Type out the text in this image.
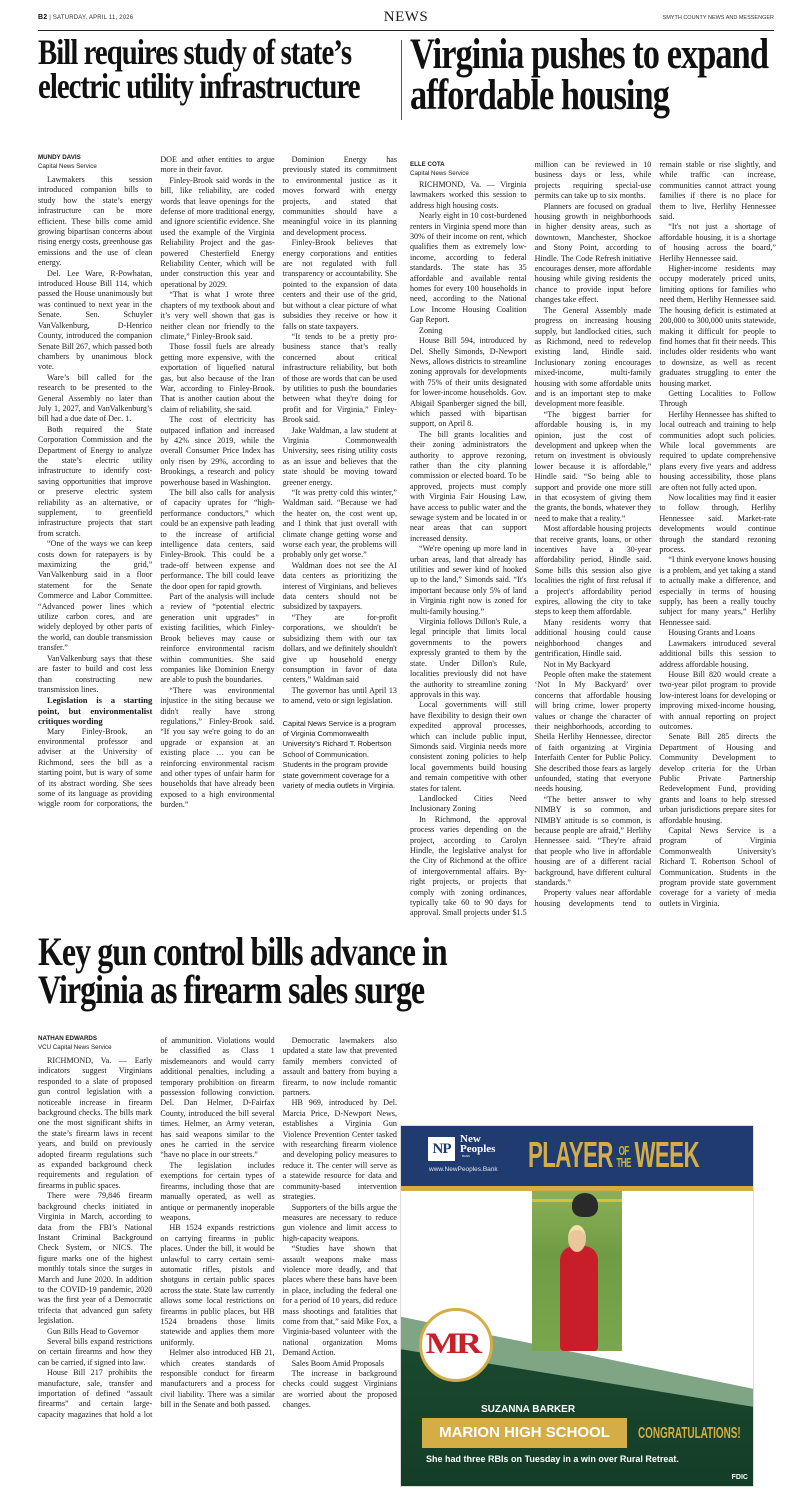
B2 | SATURDAY, APRIL 11, 2026	NEWS	SMYTH COUNTY NEWS AND MESSENGER
Bill requires study of state’s
electric utility infrastructure
MUNDY DAVIS
Capital News Service

Lawmakers this session introduced companion bills to study how the state’s energy infrastructure can be more efficient. These bills come amid growing bipartisan concerns about rising energy costs, greenhouse gas emissions and the use of clean energy.

Del. Lee Ware, R-Powhatan, introduced House Bill 114, which passed the House unanimously but was continued to next year in the Senate. Sen. Schuyler VanValkenburg, D-Henrico County, introduced the companion Senate Bill 267, which passed both chambers by unanimous block vote.

Ware’s bill called for the research to be presented to the General Assembly no later than July 1, 2027, and VanValkenburg’s bill had a due date of Dec. 1.

Both required the State Corporation Commission and the Department of Energy to analyze the state’s electric utility infrastructure to identify cost-saving opportunities that improve or preserve electric system reliability as an alternative, or supplement, to greenfield infrastructure projects that start from scratch.

“One of the ways we can keep costs down for ratepayers is by maximizing the grid,” VanValkenburg said in a floor statement for the Senate Commerce and Labor Committee. “Advanced power lines which utilize carbon cores, and are widely deployed by other parts of the world, can double transmission transfer.”

VanValkenburg says that these are faster to build and cost less than constructing new transmission lines.

Legislation is a starting point, but environmentalist critiques wording

Mary Finley-Brook, an environmental professor and adviser at the University of Richmond, sees the bill as a starting point, but is wary of some of its abstract wording. She sees some of its language as providing wiggle room for corporations, the DOE and other entities to argue more in their favor.

Finley-Brook said words in the bill, like reliability, are coded words that leave openings for the defense of more traditional energy, and ignore scientific evidence. She used the example of the Virginia Reliability Project and the gas-powered Chesterfield Energy Reliability Center, which will be under construction this year and operational by 2029.

“That is what I wrote three chapters of my textbook about and it’s very well shown that gas is neither clean nor friendly to the climate,” Finley-Brook said.

Those fossil fuels are already getting more expensive, with the exportation of liquefied natural gas, but also because of the Iran War, according to Finley-Brook. That is another caution about the claim of reliability, she said.

The cost of electricity has outpaced inflation and increased by 42% since 2019, while the overall Consumer Price Index has only risen by 29%, according to Brookings, a research and policy powerhouse based in Washington.

The bill also calls for analysis of capacity uprates for “high-performance conductors,” which could be an expensive path leading to the increase of artificial intelligence data centers, said Finley-Brook. This could be a trade-off between expense and performance. The bill could leave the door open for rapid growth.

Part of the analysis will include a review of “potential electric generation unit upgrades” in existing facilities, which Finley-Brook believes may cause or reinforce environmental racism within communities. She said companies like Dominion Energy are able to push the boundaries.

“There was environmental injustice in the siting because we didn't really have strong regulations,” Finley-Brook said. “If you say we're going to do an upgrade or expansion at an existing place … you can be reinforcing environmental racism and other types of unfair harm for households that have already been exposed to a high environmental burden.”

Dominion Energy has previously stated its commitment to environmental justice as it moves forward with energy projects, and stated that communities should have a meaningful voice in its planning and development process.

Finley-Brook believes that energy corporations and entities are not regulated with full transparency or accountability. She pointed to the expansion of data centers and their use of the grid, but without a clear picture of what subsidies they receive or how it falls on state taxpayers.

“It tends to be a pretty pro-business stance that’s really concerned about critical infrastructure reliability, but both of those are words that can be used by utilities to push the boundaries between what they're doing for profit and for Virginia,” Finley-Brook said.

Jake Waldman, a law student at Virginia Commonwealth University, sees rising utility costs as an issue and believes that the state should be moving toward greener energy.

“It was pretty cold this winter,” Waldman said. “Because we had the heater on, the cost went up, and I think that just overall with climate change getting worse and worse each year, the problems will probably only get worse.”

Waldman does not see the AI data centers as prioritizing the interest of Virginians, and believes data centers should not be subsidized by taxpayers.

“They are for-profit corporations, we shouldn't be subsidizing them with our tax dollars, and we definitely shouldn't give up household energy consumption in favor of data centers,” Waldman said

The governor has until April 13 to amend, veto or sign legislation.

Capital News Service is a program of Virginia Commonwealth University’s Richard T. Robertson School of Communication. Students in the program provide state government coverage for a variety of media outlets in Virginia.

Virginia pushes to expand
affordable housing
ELLE COTA
Capital News Service

RICHMOND, Va. — Virginia lawmakers worked this session to address high housing costs.

Nearly eight in 10 cost-burdened renters in Virginia spend more than 30% of their income on rent, which qualifies them as extremely low-income, according to federal standards. The state has 35 affordable and available rental homes for every 100 households in need, according to the National Low Income Housing Coalition Gap Report.

Zoning

House Bill 594, introduced by Del. Shelly Simonds, D-Newport News, allows districts to streamline zoning approvals for developments with 75% of their units designated for lower-income households. Gov. Abigail Spanberger signed the bill, which passed with bipartisan support, on April 8.

The bill grants localities and their zoning administrators the authority to approve rezoning, rather than the city planning commission or elected board. To be approved, projects must comply with Virginia Fair Housing Law, have access to public water and the sewage system and be located in or near areas that can support increased density.

“We're opening up more land in urban areas, land that already has utilities and sewer kind of hooked up to the land,” Simonds said. “It's important because only 5% of land in Virginia right now is zoned for multi-family housing.”

Virginia follows Dillon's Rule, a legal principle that limits local governments to the powers expressly granted to them by the state. Under Dillon's Rule, localities previously did not have the authority to streamline zoning approvals in this way.

Local governments will still have flexibility to design their own expedited approval processes, which can include public input, Simonds said. Virginia needs more consistent zoning policies to help local governments build housing and remain competitive with other states for talent.

Landlocked Cities Need Inclusionary Zoning

In Richmond, the approval process varies depending on the project, according to Carolyn Hindle, the legislative analyst for the City of Richmond at the office of intergovernmental affairs. By-right projects, or projects that comply with zoning ordinances, typically take 60 to 90 days for approval. Small projects under $1.5 million can be reviewed in 10 business days or less, while projects requiring special-use permits can take up to six months.

Planners are focused on gradual housing growth in neighborhoods in higher density areas, such as downtown, Manchester, Shockoe and Stony Point, according to Hindle. The Code Refresh initiative encourages denser, more affordable housing while giving residents the chance to provide input before changes take effect.

The General Assembly made progress on increasing housing supply, but landlocked cities, such as Richmond, need to redevelop existing land, Hindle said. Inclusionary zoning encourages mixed-income, multi-family housing with some affordable units and is an important step to make development more feasible.

“The biggest barrier for affordable housing is, in my opinion, just the cost of development and upkeep when the return on investment is obviously lower because it is affordable,” Hindle said. “So being able to support and provide one more still in that ecosystem of giving them the grants, the bonds, whatever they need to make that a reality.”

Most affordable housing projects that receive grants, loans, or other incentives have a 30-year affordability period, Hindle said. Some bills this session also give localities the right of first refusal if a project's affordability period expires, allowing the city to take steps to keep them affordable.

Many residents worry that additional housing could cause neighborhood changes and gentrification, Hindle said.

Not in My Backyard

People often make the statement ‘Not In My Backyard’ over concerns that affordable housing will bring crime, lower property values or change the character of their neighborhoods, according to Sheila Herlihy Hennessee, director of faith organizing at Virginia Interfaith Center for Public Policy. She described those fears as largely unfounded, stating that everyone needs housing.

“The better answer to why NIMBY is so common, and NIMBY attitude is so common, is because people are afraid,” Herlihy Hennessee said. “They're afraid that people who live in affordable housing are of a different racial background, have different cultural standards.”

Property values near affordable housing developments tend to remain stable or rise slightly, and while traffic can increase, communities cannot attract young families if there is no place for them to live, Herlihy Hennessee said.

“It's not just a shortage of affordable housing, it is a shortage of housing across the board,” Herlihy Hennessee said.

Higher-income residents may occupy moderately priced units, limiting options for families who need them, Herlihy Hennessee said. The housing deficit is estimated at 200,000 to 300,000 units statewide, making it difficult for people to find homes that fit their needs. This includes older residents who want to downsize, as well as recent graduates struggling to enter the housing market.

Getting Localities to Follow Through

Herlihy Hennessee has shifted to local outreach and training to help communities adopt such policies. While local governments are required to update comprehensive plans every five years and address housing accessibility, those plans are often not fully acted upon.

Now localities may find it easier to follow through, Herlihy Hennessee said. Market-rate developments would continue through the standard rezoning process.

“I think everyone knows housing is a problem, and yet taking a stand to actually make a difference, and especially in terms of housing supply, has been a really touchy subject for many years,” Herlihy Hennessee said.

Housing Grants and Loans

Lawmakers introduced several additional bills this session to address affordable housing.

House Bill 820 would create a two-year pilot program to provide low-interest loans for developing or improving mixed-income housing, with annual reporting on project outcomes.

Senate Bill 285 directs the Department of Housing and Community Development to develop criteria for the Urban Public Private Partnership Redevelopment Fund, providing grants and loans to help stressed urban jurisdictions prepare sites for affordable housing.

Capital News Service is a program of Virginia Commonwealth University's Richard T. Robertson School of Communication. Students in the program provide state government coverage for a variety of media outlets in Virginia.

Key gun control bills advance in
Virginia as firearm sales surge
NATHAN EDWARDS
VCU Capital News Service

RICHMOND, Va. — Early indicators suggest Virginians responded to a slate of proposed gun control legislation with a noticeable increase in firearm background checks. The bills mark one the most significant shifts in the state’s firearm laws in recent years, and build on previously adopted firearm regulations such as expanded background check requirements and regulation of firearms in public spaces.

There were 79,846 firearm background checks initiated in Virginia in March, according to data from the FBI’s National Instant Criminal Background Check System, or NICS. The figure marks one of the highest monthly totals since the surges in March and June 2020. In addition to the COVID-19 pandemic, 2020 was the first year of a Democratic trifecta that advanced gun safety legislation.

Gun Bills Head to Governor

Several bills expand restrictions on certain firearms and how they can be carried, if signed into law.

House Bill 217 prohibits the manufacture, sale, transfer and importation of defined “assault firearms” and certain large-capacity magazines that hold a lot of ammunition. Violations would be classified as Class 1 misdemeanors and would carry additional penalties, including a temporary prohibition on firearm possession following conviction. Del. Dan Helmer, D-Fairfax County, introduced the bill several times. Helmer, an Army veteran, has said weapons similar to the ones he carried in the service “have no place in our streets.”

The legislation includes exemptions for certain types of firearms, including those that are manually operated, as well as antique or permanently inoperable weapons.

HB 1524 expands restrictions on carrying firearms in public places. Under the bill, it would be unlawful to carry certain semi-automatic rifles, pistols and shotguns in certain public spaces across the state. State law currently allows some local restrictions on firearms in public places, but HB 1524 broadens those limits statewide and applies them more uniformly.

Helmer also introduced HB 21, which creates standards of responsible conduct for firearm manufacturers and a process for civil liability. There was a similar bill in the Senate and both passed.

Democratic lawmakers also updated a state law that prevented family members convicted of assault and battery from buying a firearm, to now include romantic partners.

HB 969, introduced by Del. Marcia Price, D-Newport News, establishes a Virginia Gun Violence Prevention Center tasked with researching firearm violence and developing policy measures to reduce it. The center will serve as a statewide resource for data and community-based intervention strategies.

Supporters of the bills argue the measures are necessary to reduce gun violence and limit access to high-capacity weapons.

“Studies have shown that assault weapons make mass violence more deadly, and that places where these bans have been in place, including the federal one for a period of 10 years, did reduce mass shootings and fatalities that come from that,” said Mike Fox, a Virginia-based volunteer with the national organization Moms Demand Action.

Sales Boom Amid Proposals

The increase in background checks could suggest Virginians are worried about the proposed changes.

NP
New
Peoples
BANK
www.NewPeoples.Bank PLAYER OF
THE WEEK
MR
SUZANNA BARKER
MARION HIGH SCHOOL	CONGRATULATIONS!
She had three RBIs on Tuesday in a win over Rural Retreat.
FDIC
